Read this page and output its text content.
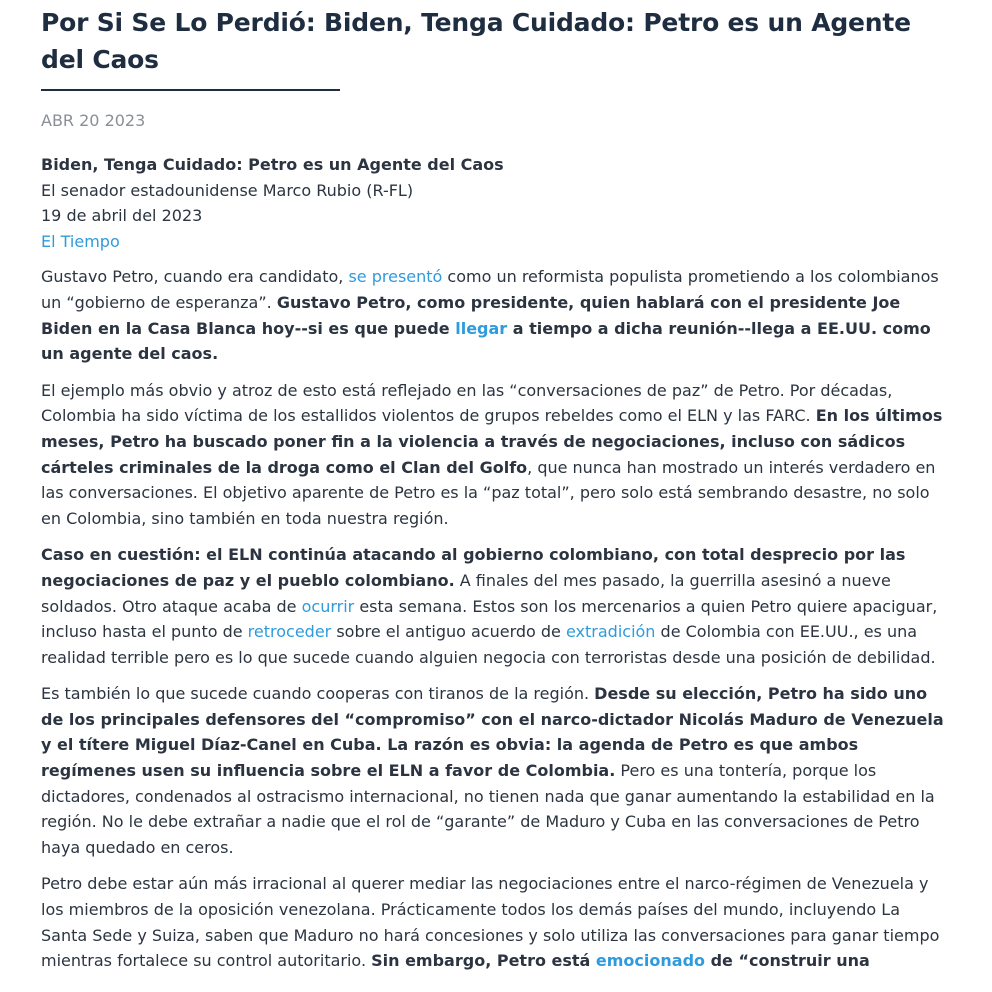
Por Si Se Lo Perdió: Biden, Tenga Cuidado: Petro es un Agente del Caos
ABR 20 2023
Biden, Tenga Cuidado: Petro es un Agente del Caos
El senador estadounidense Marco Rubio (R-FL)
19 de abril del 2023
El Tiempo

Gustavo Petro, cuando era candidato, se presentó como un reformista populista prometiendo a los colombianos un “gobierno de esperanza”. Gustavo Petro, como presidente, quien hablará con el presidente Joe Biden en la Casa Blanca hoy--si es que puede llegar a tiempo a dicha reunión--llega a EE.UU. como un agente del caos.

El ejemplo más obvio y atroz de esto está reflejado en las “conversaciones de paz” de Petro. Por décadas, Colombia ha sido víctima de los estallidos violentos de grupos rebeldes como el ELN y las FARC. En los últimos meses, Petro ha buscado poner fin a la violencia a través de negociaciones, incluso con sádicos cárteles criminales de la droga como el Clan del Golfo, que nunca han mostrado un interés verdadero en las conversaciones. El objetivo aparente de Petro es la “paz total”, pero solo está sembrando desastre, no solo en Colombia, sino también en toda nuestra región.

Caso en cuestión: el ELN continúa atacando al gobierno colombiano, con total desprecio por las negociaciones de paz y el pueblo colombiano. A finales del mes pasado, la guerrilla asesinó a nueve soldados. Otro ataque acaba de ocurrir esta semana. Estos son los mercenarios a quien Petro quiere apaciguar, incluso hasta el punto de retroceder sobre el antiguo acuerdo de extradición de Colombia con EE.UU., es una realidad terrible pero es lo que sucede cuando alguien negocia con terroristas desde una posición de debilidad.

Es también lo que sucede cuando cooperas con tiranos de la región. Desde su elección, Petro ha sido uno de los principales defensores del “compromiso” con el narco-dictador Nicolás Maduro de Venezuela y el títere Miguel Díaz-Canel en Cuba. La razón es obvia: la agenda de Petro es que ambos regímenes usen su influencia sobre el ELN a favor de Colombia. Pero es una tontería, porque los dictadores, condenados al ostracismo internacional, no tienen nada que ganar aumentando la estabilidad en la región. No le debe extrañar a nadie que el rol de “garante” de Maduro y Cuba en las conversaciones de Petro haya quedado en ceros.

Petro debe estar aún más irracional al querer mediar las negociaciones entre el narco-régimen de Venezuela y los miembros de la oposición venezolana. Prácticamente todos los demás países del mundo, incluyendo La Santa Sede y Suiza, saben que Maduro no hará concesiones y solo utiliza las conversaciones para ganar tiempo mientras fortalece su control autoritario. Sin embargo, Petro está emocionado de “construir una
